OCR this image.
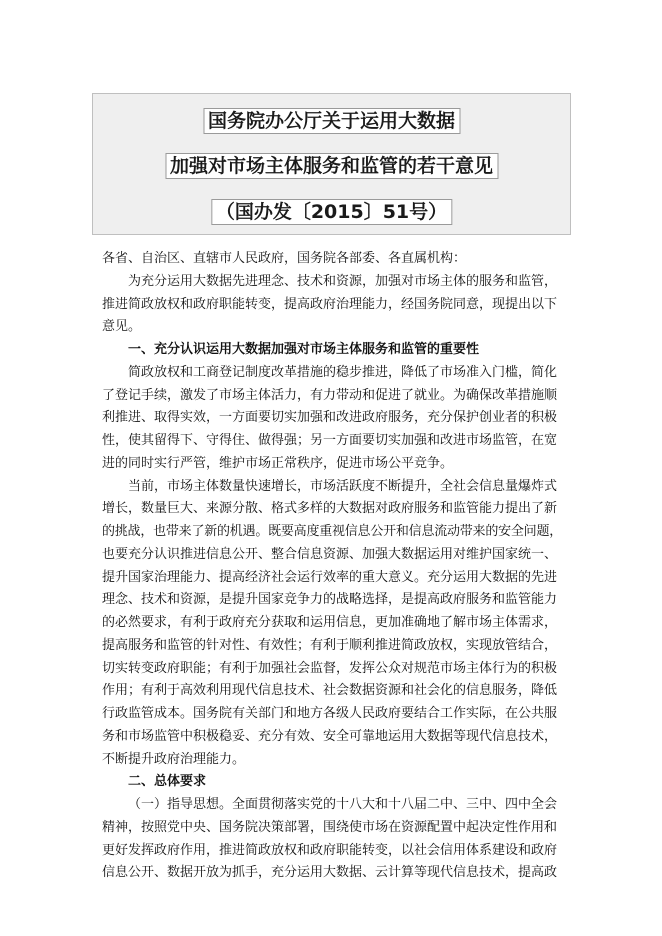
国务院办公厅关于运用大数据
加强对市场主体服务和监管的若干意见
（国办发〔2015〕51号）

各省、自治区、直辖市人民政府，国务院各部委、各直属机构：

为充分运用大数据先进理念、技术和资源，加强对市场主体的服务和监管，

推进简政放权和政府职能转变，提高政府治理能力，经国务院同意，现提出以下

意见。

一、充分认识运用大数据加强对市场主体服务和监管的重要性

简政放权和工商登记制度改革措施的稳步推进，降低了市场准入门槛，简化

了登记手续，激发了市场主体活力，有力带动和促进了就业。为确保改革措施顺

利推进、取得实效，一方面要切实加强和改进政府服务，充分保护创业者的积极

性，使其留得下、守得住、做得强；另一方面要切实加强和改进市场监管，在宽

进的同时实行严管，维护市场正常秩序，促进市场公平竞争。

当前，市场主体数量快速增长，市场活跃度不断提升，全社会信息量爆炸式

增长，数量巨大、来源分散、格式多样的大数据对政府服务和监管能力提出了新

的挑战，也带来了新的机遇。既要高度重视信息公开和信息流动带来的安全问题，

也要充分认识推进信息公开、整合信息资源、加强大数据运用对维护国家统一、

提升国家治理能力、提高经济社会运行效率的重大意义。充分运用大数据的先进

理念、技术和资源，是提升国家竞争力的战略选择，是提高政府服务和监管能力

的必然要求，有利于政府充分获取和运用信息，更加准确地了解市场主体需求，

提高服务和监管的针对性、有效性；有利于顺利推进简政放权，实现放管结合，

切实转变政府职能；有利于加强社会监督，发挥公众对规范市场主体行为的积极

作用；有利于高效利用现代信息技术、社会数据资源和社会化的信息服务，降低

行政监管成本。国务院有关部门和地方各级人民政府要结合工作实际，在公共服

务和市场监管中积极稳妥、充分有效、安全可靠地运用大数据等现代信息技术，

不断提升政府治理能力。

二、总体要求

（一）指导思想。全面贯彻落实党的十八大和十八届二中、三中、四中全会

精神，按照党中央、国务院决策部署，围绕使市场在资源配置中起决定性作用和

更好发挥政府作用，推进简政放权和政府职能转变，以社会信用体系建设和政府

信息公开、数据开放为抓手，充分运用大数据、云计算等现代信息技术，提高政
